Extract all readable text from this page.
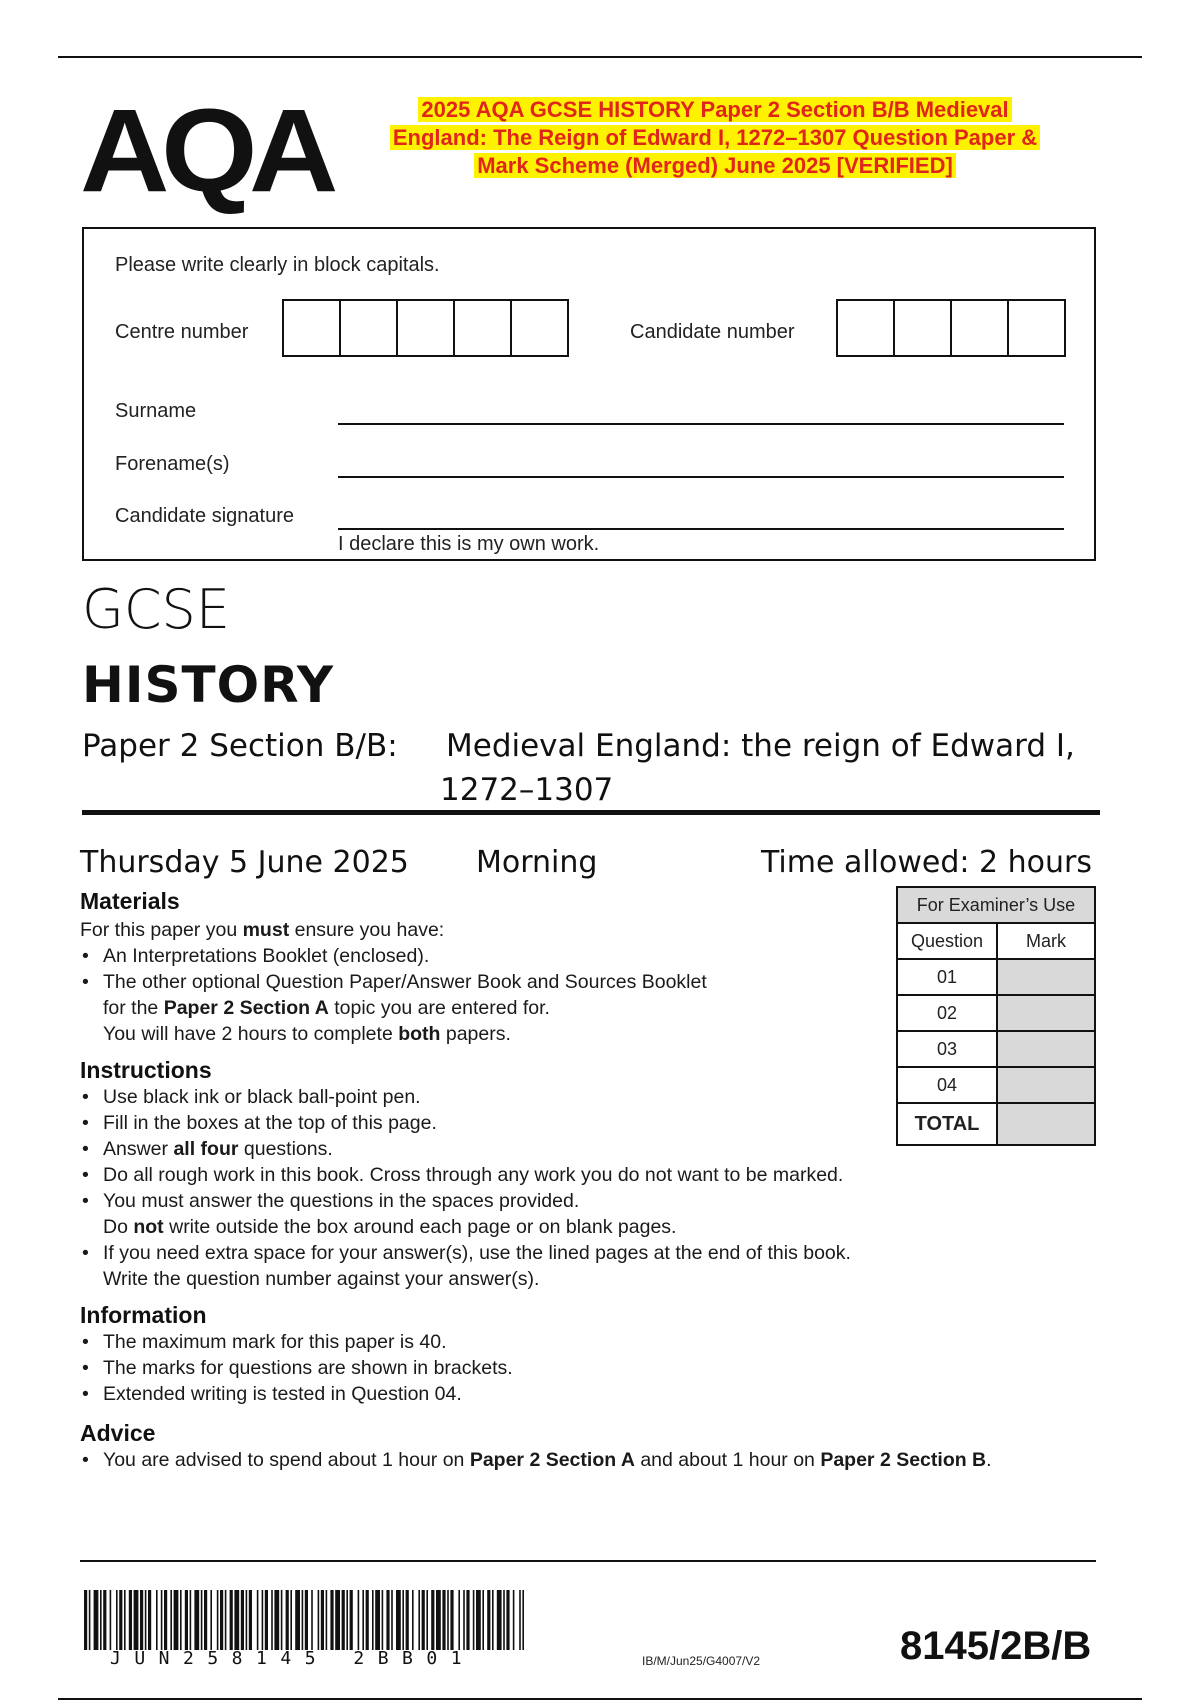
AQA	2025 AQA GCSE HISTORY Paper 2 Section B/B Medieval
England: The Reign of Edward I, 1272–1307 Question Paper &
Mark Scheme (Merged) June 2025 [VERIFIED]
Please write clearly in block capitals.
Centre number	Candidate number
Surname
Forename(s)
Candidate signature
I declare this is my own work.
GCSE
HISTORY
Paper 2 Section B/B: Medieval England: the reign of Edward I,
1272–1307
Thursday 5 June 2025 Morning	Time allowed: 2 hours
Materials
For this paper you must ensure you have:
• An Interpretations Booklet (enclosed).
• The other optional Question Paper/Answer Book and Sources Booklet
for the Paper 2 Section A topic you are entered for.
You will have 2 hours to complete both papers.
Instructions
• Use black ink or black ball-point pen.
• Fill in the boxes at the top of this page.
• Answer all four questions.
• Do all rough work in this book. Cross through any work you do not want to be marked.
• You must answer the questions in the spaces provided.
Do not write outside the box around each page or on blank pages.
• If you need extra space for your answer(s), use the lined pages at the end of this book.
Write the question number against your answer(s).
Information
• The maximum mark for this paper is 40.
• The marks for questions are shown in brackets.
• Extended writing is tested in Question 04.
Advice
• You are advised to spend about 1 hour on Paper 2 Section A and about 1 hour on Paper 2 Section B.
For Examiner’s Use
Question	Mark
01
02
03
04
TOTAL
JUN258145 2BB01	IB/M/Jun25/G4007/V2	8145/2B/B
